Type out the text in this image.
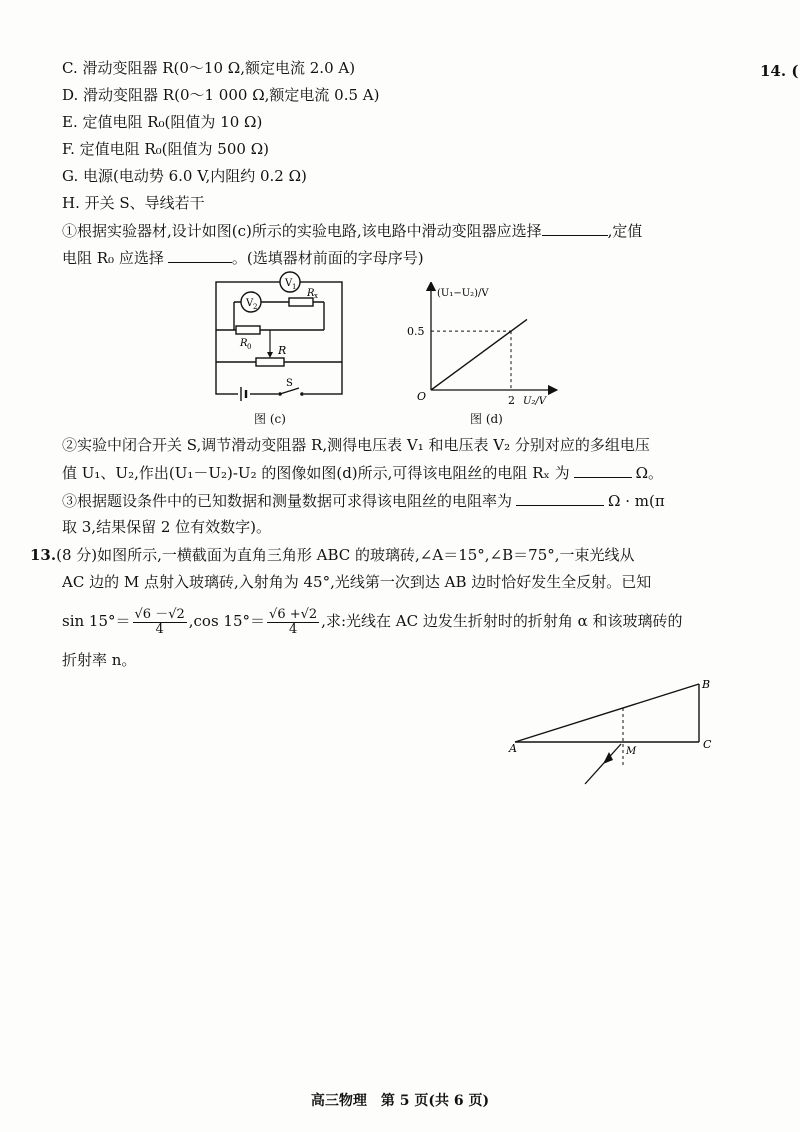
14. (
C. 滑动变阻器 R(0～10 Ω,额定电流 2.0 A)
D. 滑动变阻器 R(0～1 000 Ω,额定电流 0.5 A)
E. 定值电阻 R₀(阻值为 10 Ω)
F. 定值电阻 R₀(阻值为 500 Ω)
G. 电源(电动势 6.0 V,内阻约 0.2 Ω)
H. 开关 S、导线若干
①根据实验器材,设计如图(c)所示的实验电路,该电路中滑动变阻器应选择	,定值
电阻 R₀ 应选择	。(选填器材前面的字母序号)
V 1
V 2
R x
R 0 R
S
图 (c)
(U₁−U₂)/V
U₂/V
O
0.5
2
图 (d)
②实验中闭合开关 S,调节滑动变阻器 R,测得电压表 V₁ 和电压表 V₂ 分别对应的多组电压
值 U₁、U₂,作出(U₁－U₂)-U₂ 的图像如图(d)所示,可得该电阻丝的电阻 Rₓ 为	Ω。
③根据题设条件中的已知数据和测量数据可求得该电阻丝的电阻率为	Ω · m(π
取 3,结果保留 2 位有效数字)。
13.(8 分)如图所示,一横截面为直角三角形 ABC 的玻璃砖,∠A＝15°,∠B＝75°,一束光线从
AC 边的 M 点射入玻璃砖,入射角为 45°,光线第一次到达 AB 边时恰好发生全反射。已知
$\sin 15^\circ= \frac{√6 -√2}{4} ,\cos$ $15^\circ= \frac{√6 +√2}{4}$ ,求:光线在 AC 边发生折射时的折射角 α 和该玻璃砖的
折射率 n。
A
B
C
M
高三物理　第 5 页(共 6 页)
